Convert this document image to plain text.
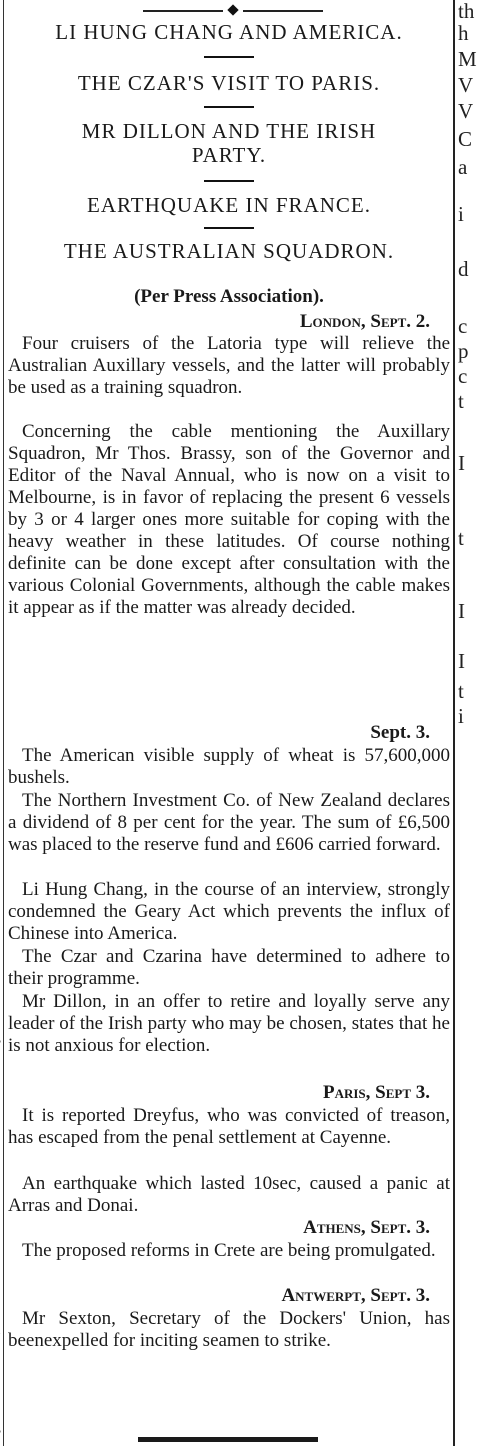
LI HUNG CHANG AND AMERICA.
THE CZAR'S VISIT TO PARIS.
MR DILLON AND THE IRISH PARTY.
EARTHQUAKE IN FRANCE.
THE AUSTRALIAN SQUADRON.
(Per Press Association).
London, Sept. 2.

Four cruisers of the Latoria type will relieve the Australian Auxillary vessels, and the latter will probably be used as a training squadron.

Concerning the cable mentioning the Auxillary Squadron, Mr Thos. Brassy, son of the Governor and Editor of the Naval Annual, who is now on a visit to Melbourne, is in favor of replacing the present 6 vessels by 3 or 4 larger ones more suitable for coping with the heavy weather in these latitudes. Of course nothing definite can be done except after consultation with the various Colonial Governments, although the cable makes it appear as if the matter was already decided.

Sept. 3.

The American visible supply of wheat is 57,600,000 bushels.

The Northern Investment Co. of New Zealand declares a dividend of 8 per cent for the year. The sum of £6,500 was placed to the reserve fund and £606 carried forward.

Li Hung Chang, in the course of an interview, strongly condemned the Geary Act which prevents the influx of Chinese into America.

The Czar and Czarina have determined to adhere to their programme.

Mr Dillon, in an offer to retire and loyally serve any leader of the Irish party who may be chosen, states that he is not anxious for election.

Paris, Sept 3.

It is reported Dreyfus, who was convicted of treason, has escaped from the penal settlement at Cayenne.

An earthquake which lasted 10sec, caused a panic at Arras and Donai.

Athens, Sept. 3.

The proposed reforms in Crete are being promulgated.

Antwerpt, Sept. 3.

Mr Sexton, Secretary of the Dockers' Union, has beenexpelled for inciting seamen to strike.

th
h
M
V
V
C
a
i
d
c
p
c
t
I
t
I
I
t
i
